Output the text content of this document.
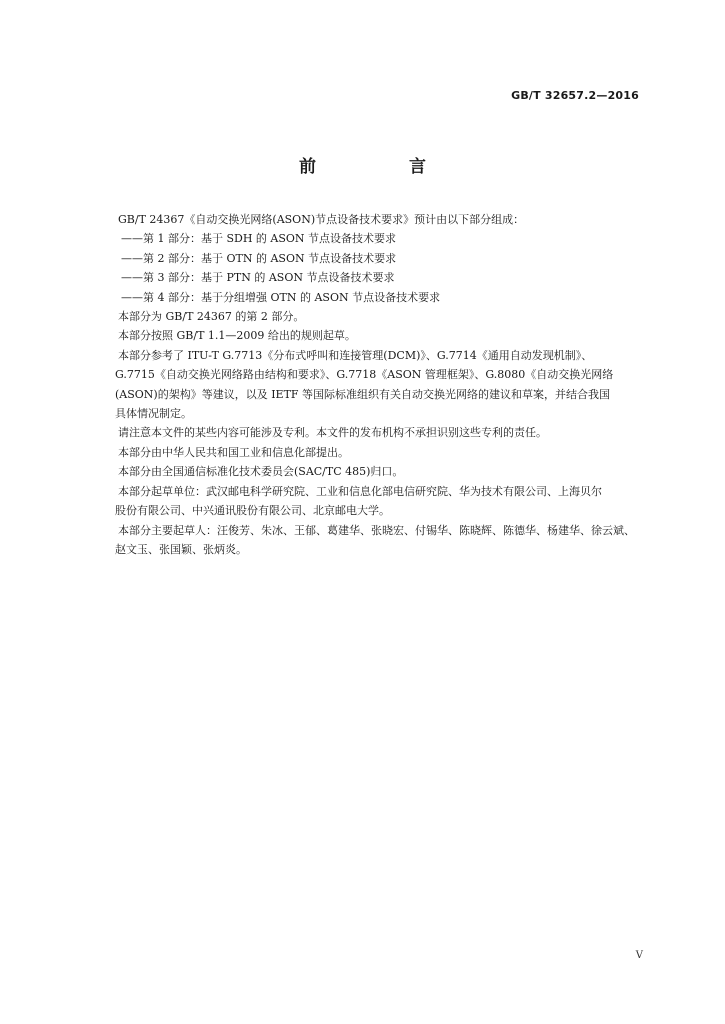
GB/T 32657.2—2016
前　言
GB/T 24367《自动交换光网络(ASON)节点设备技术要求》预计由以下部分组成：
——第 1 部分：基于 SDH 的 ASON 节点设备技术要求
——第 2 部分：基于 OTN 的 ASON 节点设备技术要求
——第 3 部分：基于 PTN 的 ASON 节点设备技术要求
——第 4 部分：基于分组增强 OTN 的 ASON 节点设备技术要求
本部分为 GB/T 24367 的第 2 部分。
本部分按照 GB/T 1.1—2009 给出的规则起草。
本部分参考了 ITU-T G.7713《分布式呼叫和连接管理(DCM)》、G.7714《通用自动发现机制》、
G.7715《自动交换光网络路由结构和要求》、G.7718《ASON 管理框架》、G.8080《自动交换光网络
(ASON)的架构》等建议，以及 IETF 等国际标准组织有关自动交换光网络的建议和草案，并结合我国
具体情况制定。
请注意本文件的某些内容可能涉及专利。本文件的发布机构不承担识别这些专利的责任。
本部分由中华人民共和国工业和信息化部提出。
本部分由全国通信标准化技术委员会(SAC/TC 485)归口。
本部分起草单位：武汉邮电科学研究院、工业和信息化部电信研究院、华为技术有限公司、上海贝尔
股份有限公司、中兴通讯股份有限公司、北京邮电大学。
本部分主要起草人：汪俊芳、朱冰、王郁、葛建华、张晓宏、付锡华、陈晓辉、陈德华、杨建华、徐云斌、
赵文玉、张国颖、张炳炎。
V
